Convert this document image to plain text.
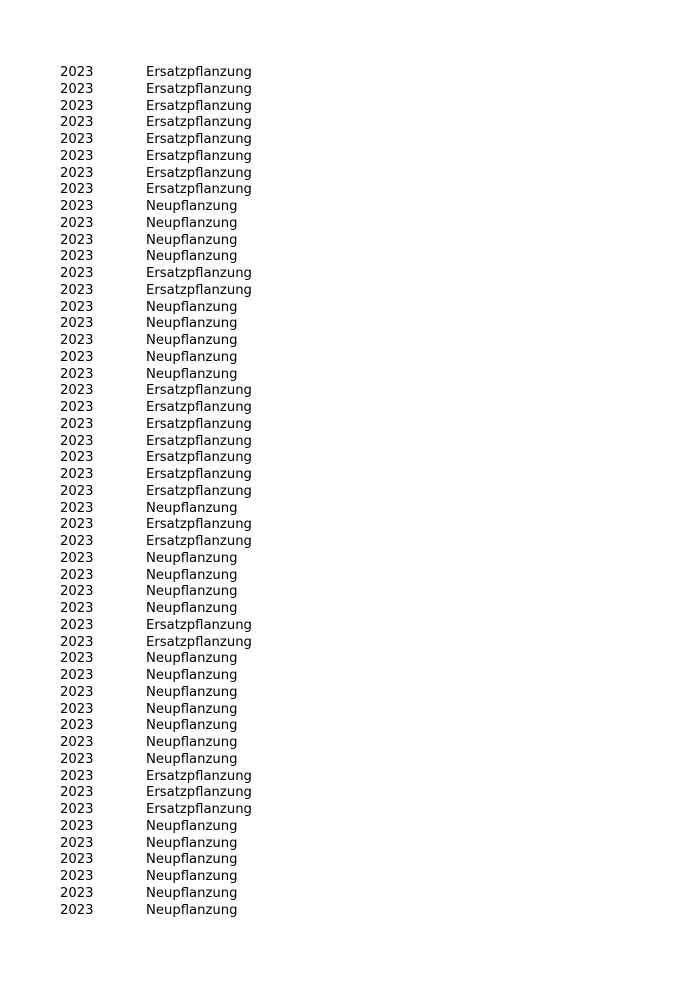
2023	Ersatzpflanzung
2023	Ersatzpflanzung
2023	Ersatzpflanzung
2023	Ersatzpflanzung
2023	Ersatzpflanzung
2023	Ersatzpflanzung
2023	Ersatzpflanzung
2023	Ersatzpflanzung
2023	Neupflanzung
2023	Neupflanzung
2023	Neupflanzung
2023	Neupflanzung
2023	Ersatzpflanzung
2023	Ersatzpflanzung
2023	Neupflanzung
2023	Neupflanzung
2023	Neupflanzung
2023	Neupflanzung
2023	Neupflanzung
2023	Ersatzpflanzung
2023	Ersatzpflanzung
2023	Ersatzpflanzung
2023	Ersatzpflanzung
2023	Ersatzpflanzung
2023	Ersatzpflanzung
2023	Ersatzpflanzung
2023	Neupflanzung
2023	Ersatzpflanzung
2023	Ersatzpflanzung
2023	Neupflanzung
2023	Neupflanzung
2023	Neupflanzung
2023	Neupflanzung
2023	Ersatzpflanzung
2023	Ersatzpflanzung
2023	Neupflanzung
2023	Neupflanzung
2023	Neupflanzung
2023	Neupflanzung
2023	Neupflanzung
2023	Neupflanzung
2023	Neupflanzung
2023	Ersatzpflanzung
2023	Ersatzpflanzung
2023	Ersatzpflanzung
2023	Neupflanzung
2023	Neupflanzung
2023	Neupflanzung
2023	Neupflanzung
2023	Neupflanzung
2023	Neupflanzung
